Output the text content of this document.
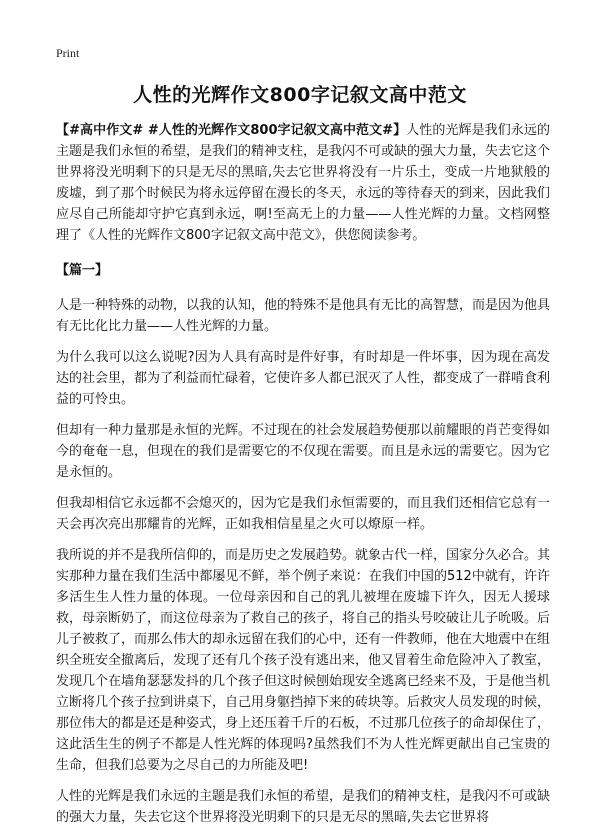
Print
人性的光辉作文800字记叙文高中范文

【#高中作文# #人性的光辉作文800字记叙文高中范文#】人性的光辉是我们永远的主题是我们永恒的希望，是我们的精神支柱，是我闪不可或缺的强大力量，失去它这个世界将没光明剩下的只是无尽的黑暗,失去它世界将没有一片乐土，变成一片地狱般的废墟，到了那个时候民为将永远停留在漫长的冬天，永远的等待春天的到来，因此我们应尽自己所能却守护它真到永远，啊!至高无上的力量——人性光辉的力量。文档网整理了《人性的光辉作文800字记叙文高中范文》，供您阅读参考。

【篇一】

人是一种特殊的动物，以我的认知，他的特殊不是他具有无比的高智慧，而是因为他具有无比化比力量——人性光辉的力量。

为什么我可以这么说呢?因为人具有高时是件好事，有时却是一件坏事，因为现在高发达的社会里，都为了利益而忙碌着，它使许多人都已泯灭了人性，都变成了一群啃食利益的可怜虫。

但却有一种力量那是永恒的光辉。不过现在的社会发展趋势便那以前耀眼的肖芒变得如今的奄奄一息，但现在的我们是需要它的不仅现在需要。而且是永远的需要它。因为它是永恒的。

但我却相信它永远都不会熄灭的，因为它是我们永恒需要的，而且我们还相信它总有一天会再次亮出那耀肯的光辉，正如我相信星星之火可以燎原一样。

我所说的并不是我所信仰的，而是历史之发展趋势。就象古代一样，国家分久必合。其实那种力量在我们生活中都屡见不鲜，举个例子来说：在我们中国的512中就有，许许多活生生人性力量的体现。一位母亲因和自己的乳儿被埋在废墟下许久，因无人援球救，母亲断奶了，而这位母亲为了救自己的孩子，将自己的指头号咬破让儿子吮吸。后儿子被救了，而那么伟大的却永远留在我们的心中，还有一件教师，他在大地震中在组织全班安全撤离后，发现了还有几个孩子没有逃出来，他又冒着生命危险冲入了教室，发现几个在墙角瑟瑟发抖的几个孩子但这时候刨始现安全逃离已经来不及，于是他当机立断将几个孩子拉到讲桌下，自己用身躯挡掉下来的砖块等。后救灾人员发现的时候，那位伟大的都是还是种姿式，身上还压着千斤的石板，不过那几位孩子的命却保住了，这此活生生的例子不都是人性光辉的体现吗?虽然我们不为人性光辉更献出自己宝贵的生命，但我们总要为之尽自己的力所能及吧!

人性的光辉是我们永远的主题是我们永恒的希望，是我们的精神支柱，是我闪不可或缺的强大力量，失去它这个世界将没光明剩下的只是无尽的黑暗,失去它世界将
